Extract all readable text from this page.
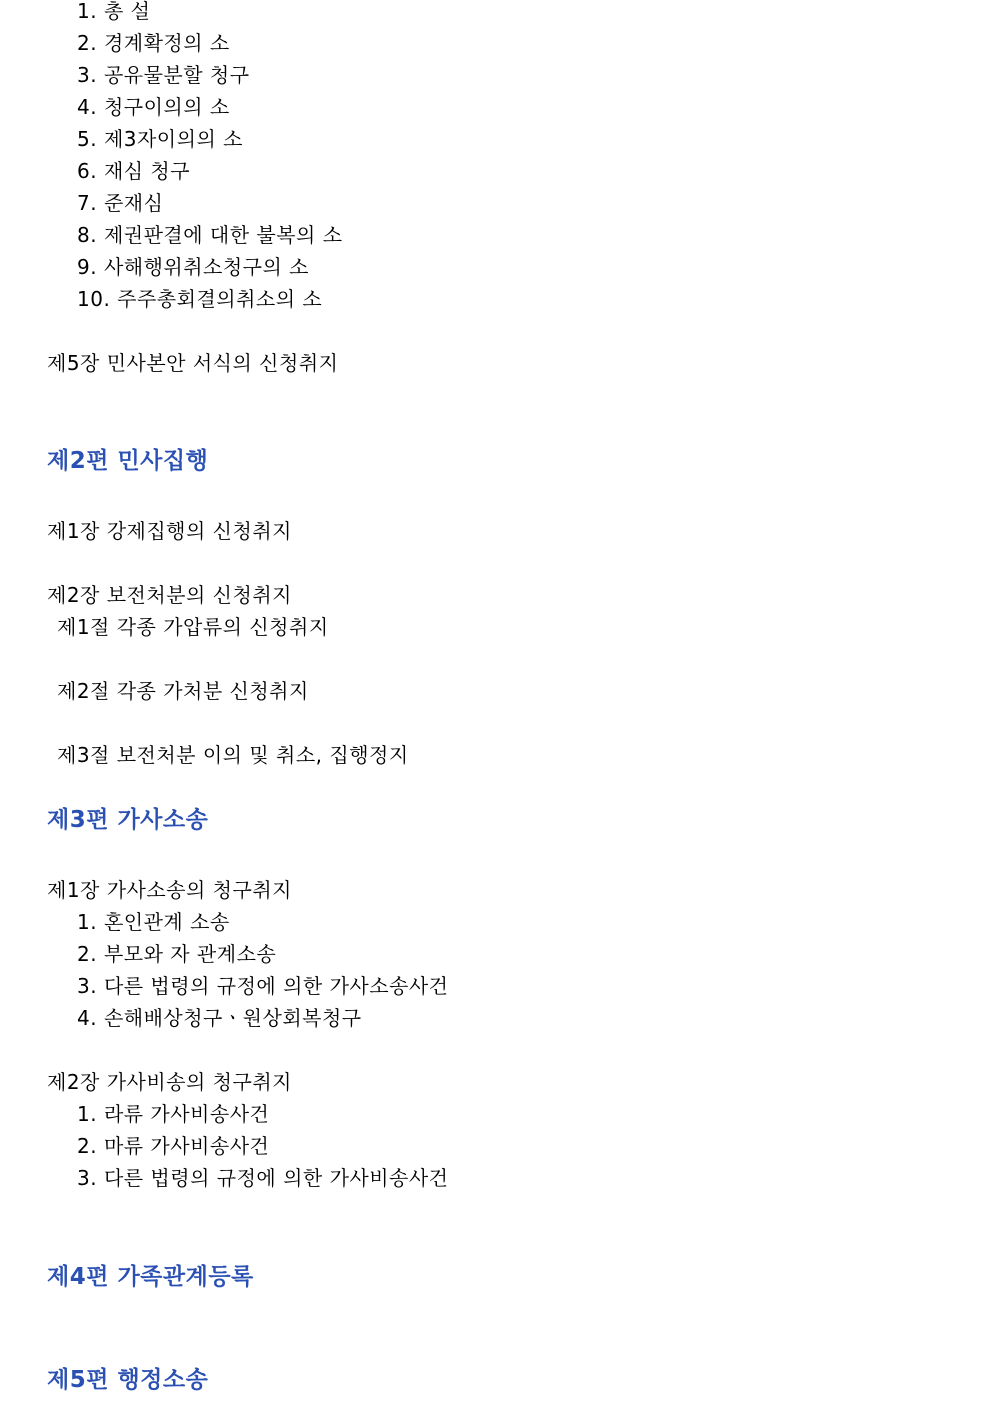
1. 총 설
2. 경계확정의 소
3. 공유물분할 청구
4. 청구이의의 소
5. 제3자이의의 소
6. 재심 청구
7. 준재심
8. 제권판결에 대한 불복의 소
9. 사해행위취소청구의 소
10. 주주총회결의취소의 소
제5장 민사본안 서식의 신청취지
제2편 민사집행
제1장 강제집행의 신청취지
제2장 보전처분의 신청취지
제1절 각종 가압류의 신청취지
제2절 각종 가처분 신청취지
제3절 보전처분 이의 및 취소, 집행정지
제3편 가사소송
제1장 가사소송의 청구취지
1. 혼인관계 소송
2. 부모와 자 관계소송
3. 다른 법령의 규정에 의한 가사소송사건
4. 손해배상청구ㆍ원상회복청구
제2장 가사비송의 청구취지
1. 라류 가사비송사건
2. 마류 가사비송사건
3. 다른 법령의 규정에 의한 가사비송사건
제4편 가족관계등록
제5편 행정소송
